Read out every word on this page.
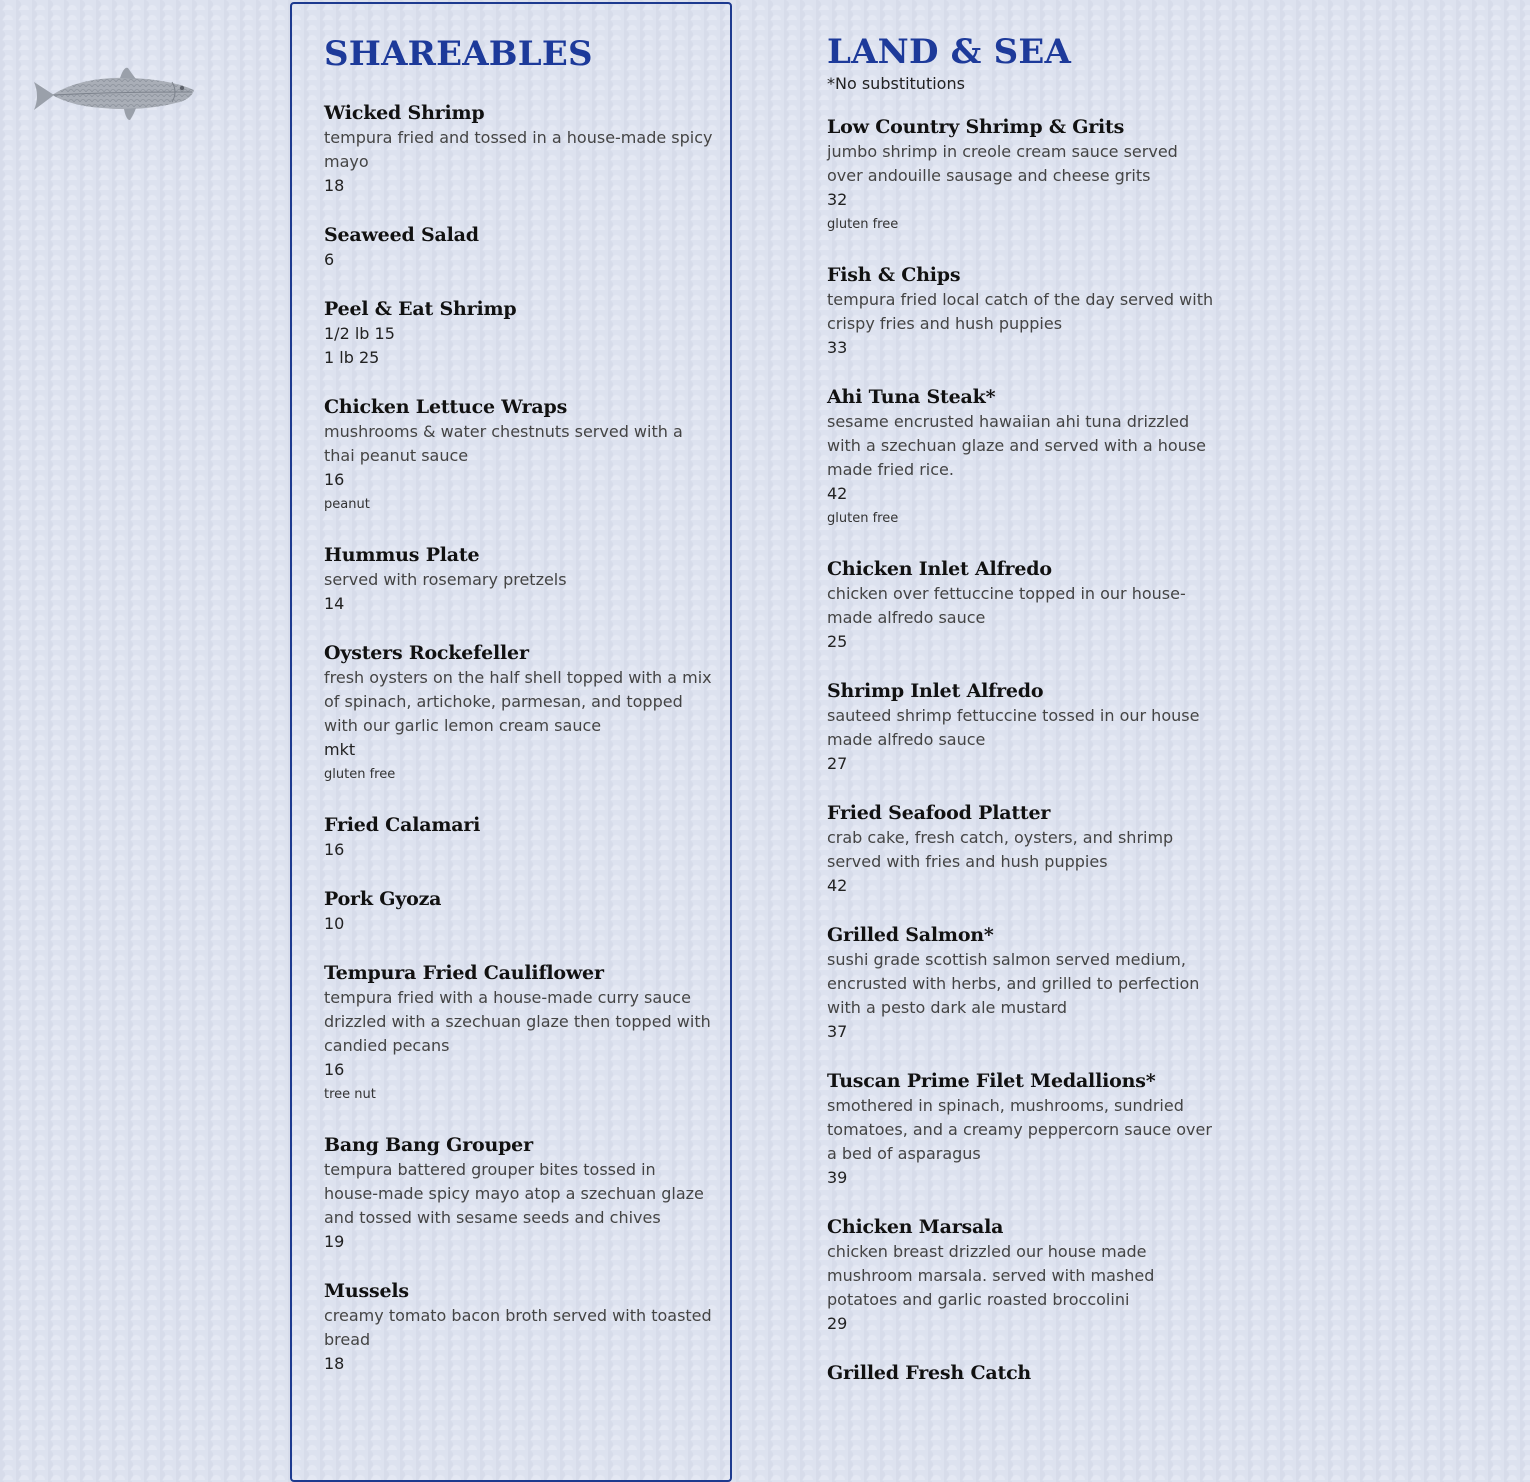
SHAREABLES
Wicked Shrimp

tempura fried and tossed in a house-made spicy mayo

18

Seaweed Salad

6

Peel & Eat Shrimp

1/2 lb 15

1 lb 25

Chicken Lettuce Wraps

mushrooms & water chestnuts served with a thai peanut sauce

16

peanut

Hummus Plate

served with rosemary pretzels

14

Oysters Rockefeller

fresh oysters on the half shell topped with a mix of spinach, artichoke, parmesan, and topped with our garlic lemon cream sauce

mkt

gluten free

Fried Calamari

16

Pork Gyoza

10

Tempura Fried Cauliflower

tempura fried with a house-made curry sauce drizzled with a szechuan glaze then topped with candied pecans

16

tree nut

Bang Bang Grouper

tempura battered grouper bites tossed in house-made spicy mayo atop a szechuan glaze and tossed with sesame seeds and chives

19

Mussels

creamy tomato bacon broth served with toasted bread

18

LAND & SEA

*No substitutions

Low Country Shrimp & Grits

jumbo shrimp in creole cream sauce served over andouille sausage and cheese grits

32

gluten free

Fish & Chips

tempura fried local catch of the day served with crispy fries and hush puppies

33

Ahi Tuna Steak*

sesame encrusted hawaiian ahi tuna drizzled with a szechuan glaze and served with a house made fried rice.

42

gluten free

Chicken Inlet Alfredo

chicken over fettuccine topped in our house-made alfredo sauce

25

Shrimp Inlet Alfredo

sauteed shrimp fettuccine tossed in our house made alfredo sauce

27

Fried Seafood Platter

crab cake, fresh catch, oysters, and shrimp served with fries and hush puppies

42

Grilled Salmon*

sushi grade scottish salmon served medium, encrusted with herbs, and grilled to perfection with a pesto dark ale mustard

37

Tuscan Prime Filet Medallions*

smothered in spinach, mushrooms, sundried tomatoes, and a creamy peppercorn sauce over a bed of asparagus

39

Chicken Marsala

chicken breast drizzled our house made mushroom marsala. served with mashed potatoes and garlic roasted broccolini

29

Grilled Fresh Catch
